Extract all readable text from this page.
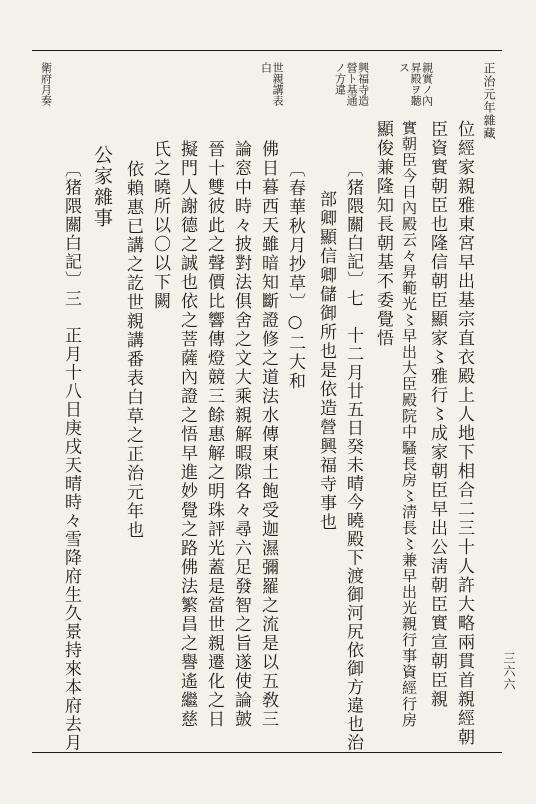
正治元年雜藏
三六六
親實ノ內
昇殿ヲ聽
ス
興福寺造
營ト基通
ノ方違
世親講表
白
衛府月奏
位經家親雅東宮早出基宗直衣殿上人地下相合二三十人許大略兩貫首親經朝
臣資實朝臣也隆信朝臣顯家〻雅行〻成家朝臣早出公淸朝臣實宣朝臣親
實朝臣今日內殿云々昇範光〻早出大臣殿院中騷長房〻淸長〻兼早出光親行事資經行房
顯俊兼隆知長朝基不委覺悟
〔猪隈關白記〕七　十二月廿五日癸未晴今曉殿下渡御河尻依御方違也治
部卿顯信卿儲御所也是依造營興福寺事也
〔春華秋月抄草〕○二大和
佛日暮西天雖暗知斷證修之道法水傳東土飽受迦濕彌羅之流是以五敎三
論窓中時々披對法俱舍之文大乘親解暇隙各々尋六足發智之旨遂使論皷
晉十雙彼此之聲價比響傳燈競三餘惠解之明珠評光蓋是當世親遷化之日
擬門人謝德之誠也依之菩薩內證之悟早進妙覺之路佛法繁昌之譽遙繼慈
氏之曉所以〇以下闕
依賴惠已講之訖世親講番表白草之正治元年也
公家雜事
〔猪隈關白記〕三　正月十八日庚戌天晴時々雪降府生久景持來本府去月
